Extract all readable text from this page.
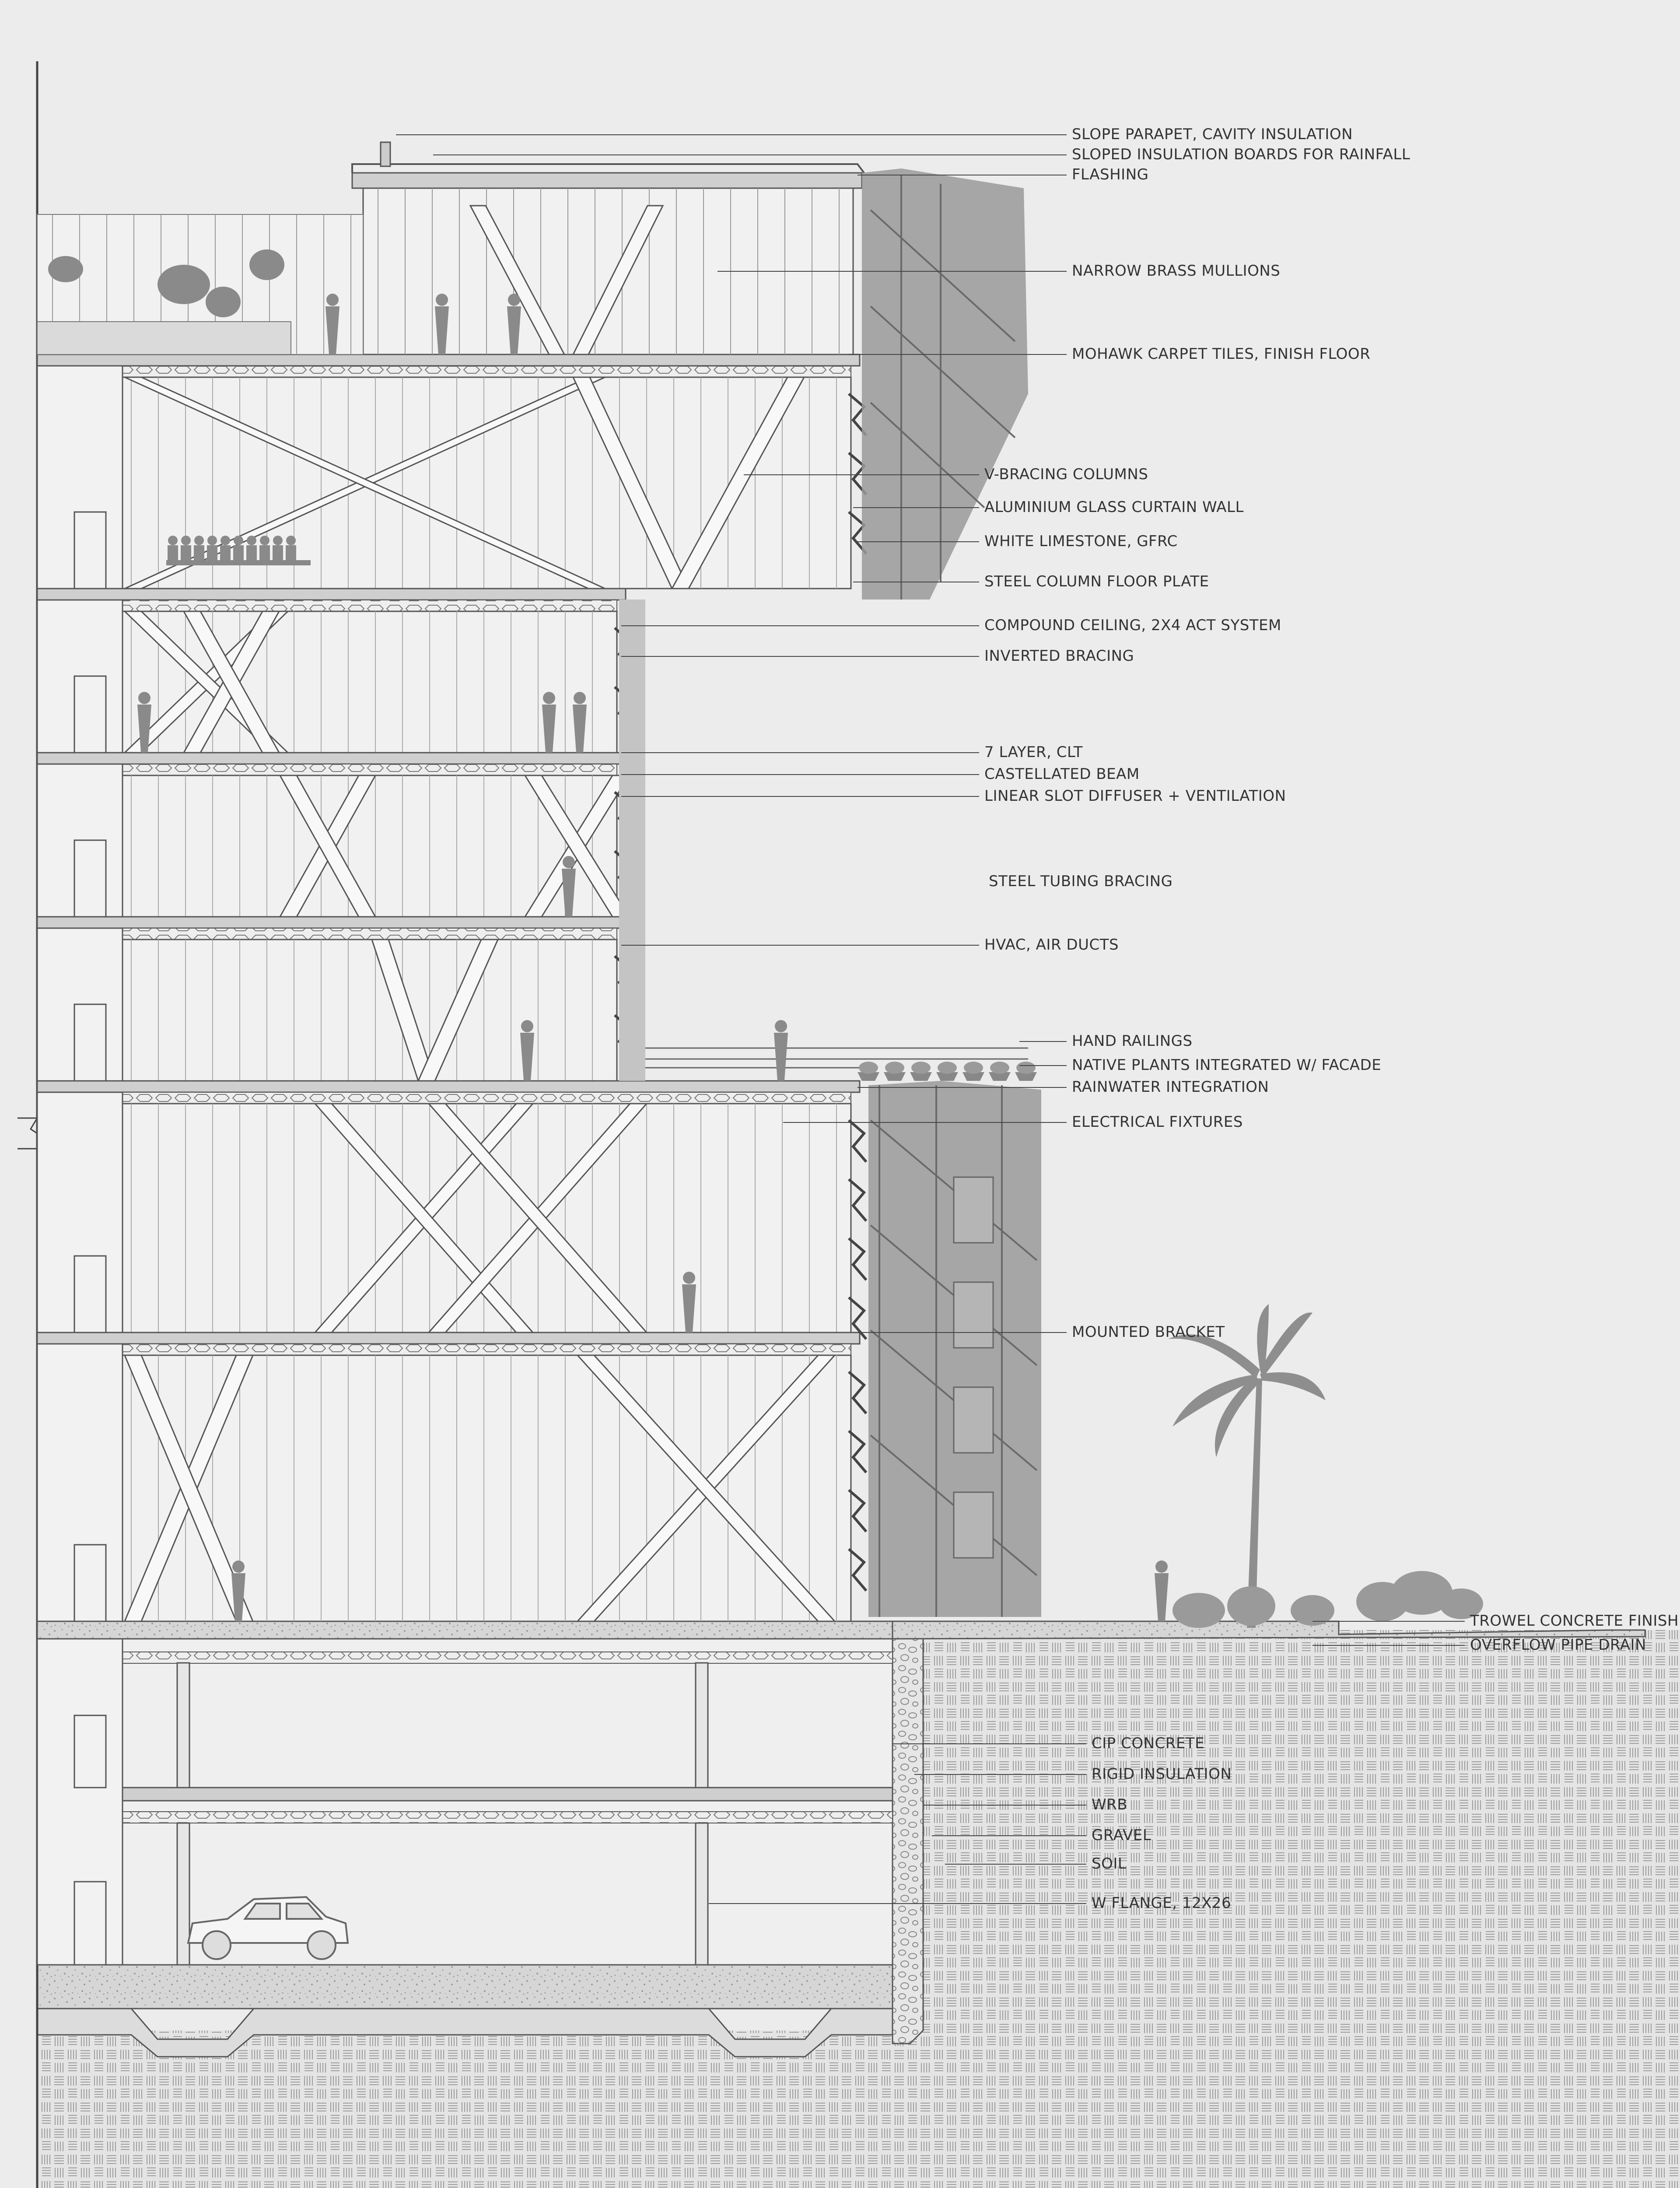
SLOPE PARAPET, CAVITY INSULATION
SLOPED INSULATION BOARDS FOR RAINFALL
FLASHING
NARROW BRASS MULLIONS
MOHAWK CARPET TILES, FINISH FLOOR
V-BRACING COLUMNS
ALUMINIUM GLASS CURTAIN WALL
WHITE LIMESTONE, GFRC
STEEL COLUMN FLOOR PLATE
COMPOUND CEILING, 2X4 ACT SYSTEM
INVERTED BRACING
7 LAYER, CLT
CASTELLATED BEAM
LINEAR SLOT DIFFUSER + VENTILATION
STEEL TUBING BRACING
HVAC, AIR DUCTS
HAND RAILINGS
NATIVE PLANTS INTEGRATED W/ FACADE
RAINWATER INTEGRATION
ELECTRICAL FIXTURES
MOUNTED BRACKET
TROWEL CONCRETE FINISH
OVERFLOW PIPE DRAIN
CIP CONCRETE
RIGID INSULATION
WRB
GRAVEL
SOIL
W FLANGE, 12X26
